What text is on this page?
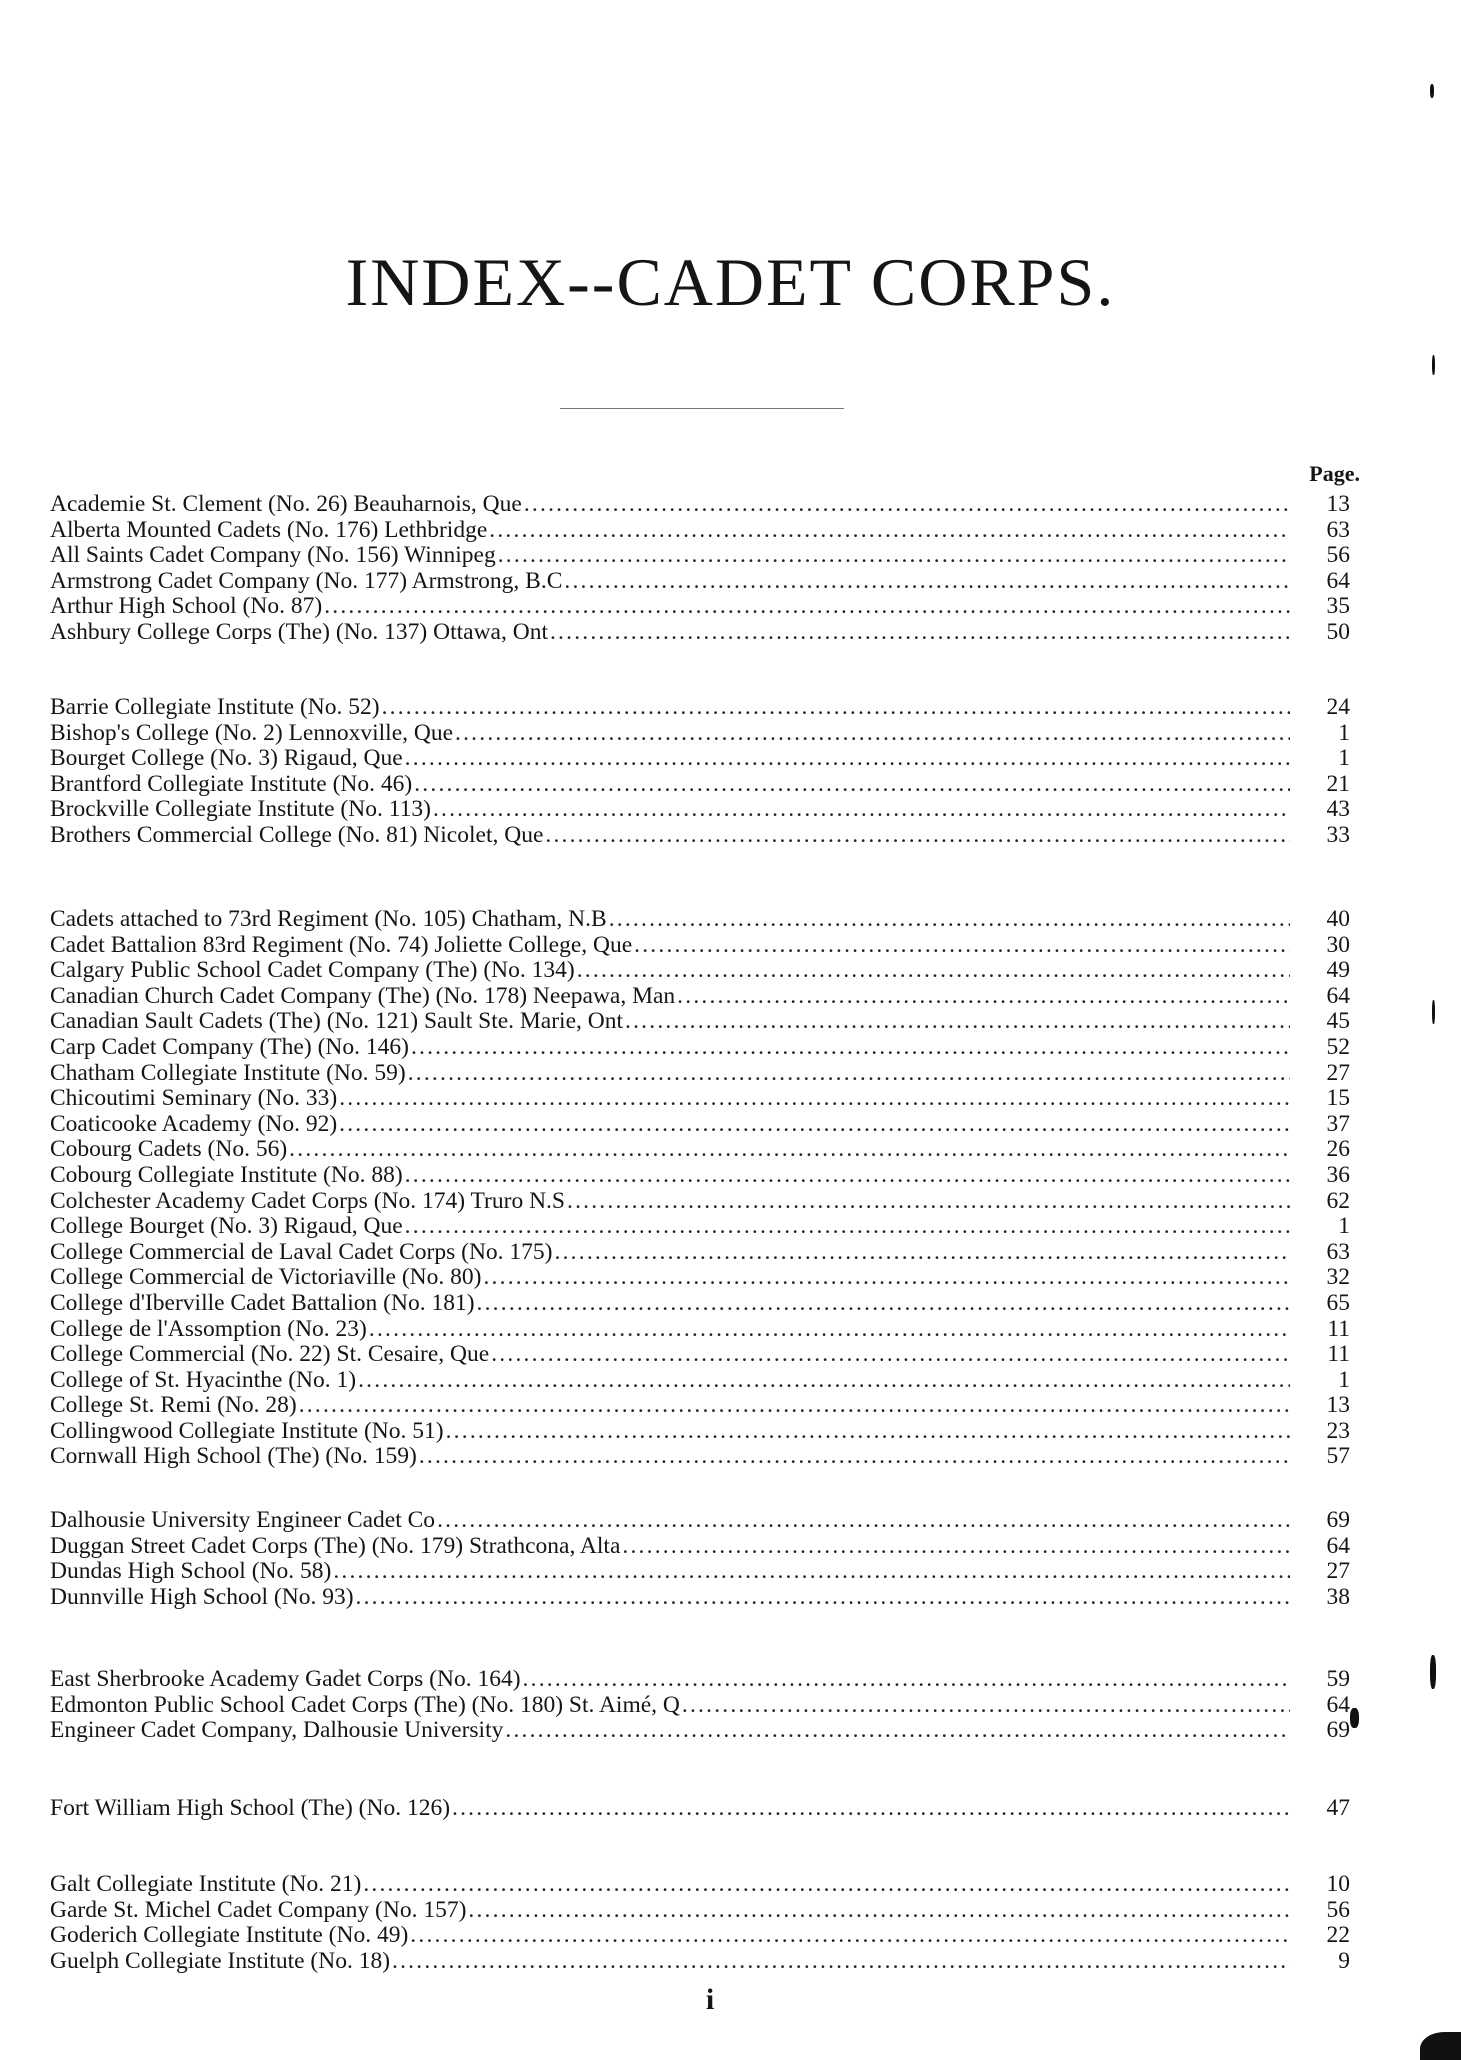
INDEX--CADET CORPS.
Page.
Academie St. Clement (No. 26) Beauharnois, Que .....	13
Alberta Mounted Cadets (No. 176) Lethbridge .....	63
All Saints Cadet Company (No. 156) Winnipeg .....	56
Armstrong Cadet Company (No. 177) Armstrong, B.C .....	64
Arthur High School (No. 87) .....	35
Ashbury College Corps (The) (No. 137) Ottawa, Ont .....	50
Barrie Collegiate Institute (No. 52) .....	24
Bishop's College (No. 2) Lennoxville, Que .....	1
Bourget College (No. 3) Rigaud, Que .....	1
Brantford Collegiate Institute (No. 46) .....	21
Brockville Collegiate Institute (No. 113) .....	43
Brothers Commercial College (No. 81) Nicolet, Que .....	33
Cadets attached to 73rd Regiment (No. 105) Chatham, N.B .....	40
Cadet Battalion 83rd Regiment (No. 74) Joliette College, Que .....	30
Calgary Public School Cadet Company (The) (No. 134) .....	49
Canadian Church Cadet Company (The) (No. 178) Neepawa, Man .....	64
Canadian Sault Cadets (The) (No. 121) Sault Ste. Marie, Ont .....	45
Carp Cadet Company (The) (No. 146) .....	52
Chatham Collegiate Institute (No. 59) .....	27
Chicoutimi Seminary (No. 33) .....	15
Coaticooke Academy (No. 92) .....	37
Cobourg Cadets (No. 56) .....	26
Cobourg Collegiate Institute (No. 88) .....	36
Colchester Academy Cadet Corps (No. 174) Truro N.S .....	62
College Bourget (No. 3) Rigaud, Que .....	1
College Commercial de Laval Cadet Corps (No. 175) .....	63
College Commercial de Victoriaville (No. 80) .....	32
College d'Iberville Cadet Battalion (No. 181) .....	65
College de l'Assomption (No. 23) .....	11
College Commercial (No. 22) St. Cesaire, Que .....	11
College of St. Hyacinthe (No. 1) .....	1
College St. Remi (No. 28) .....	13
Collingwood Collegiate Institute (No. 51) .....	23
Cornwall High School (The) (No. 159) .....	57
Dalhousie University Engineer Cadet Co .....	69
Duggan Street Cadet Corps (The) (No. 179) Strathcona, Alta .....	64
Dundas High School (No. 58) .....	27
Dunnville High School (No. 93) .....	38
East Sherbrooke Academy Gadet Corps (No. 164) .....	59
Edmonton Public School Cadet Corps (The) (No. 180) St. Aimé, Q .....	64
Engineer Cadet Company, Dalhousie University .....	69
Fort William High School (The) (No. 126) .....	47
Galt Collegiate Institute (No. 21) .....	10
Garde St. Michel Cadet Company (No. 157) .....	56
Goderich Collegiate Institute (No. 49) .....	22
Guelph Collegiate Institute (No. 18) .....	9
i
